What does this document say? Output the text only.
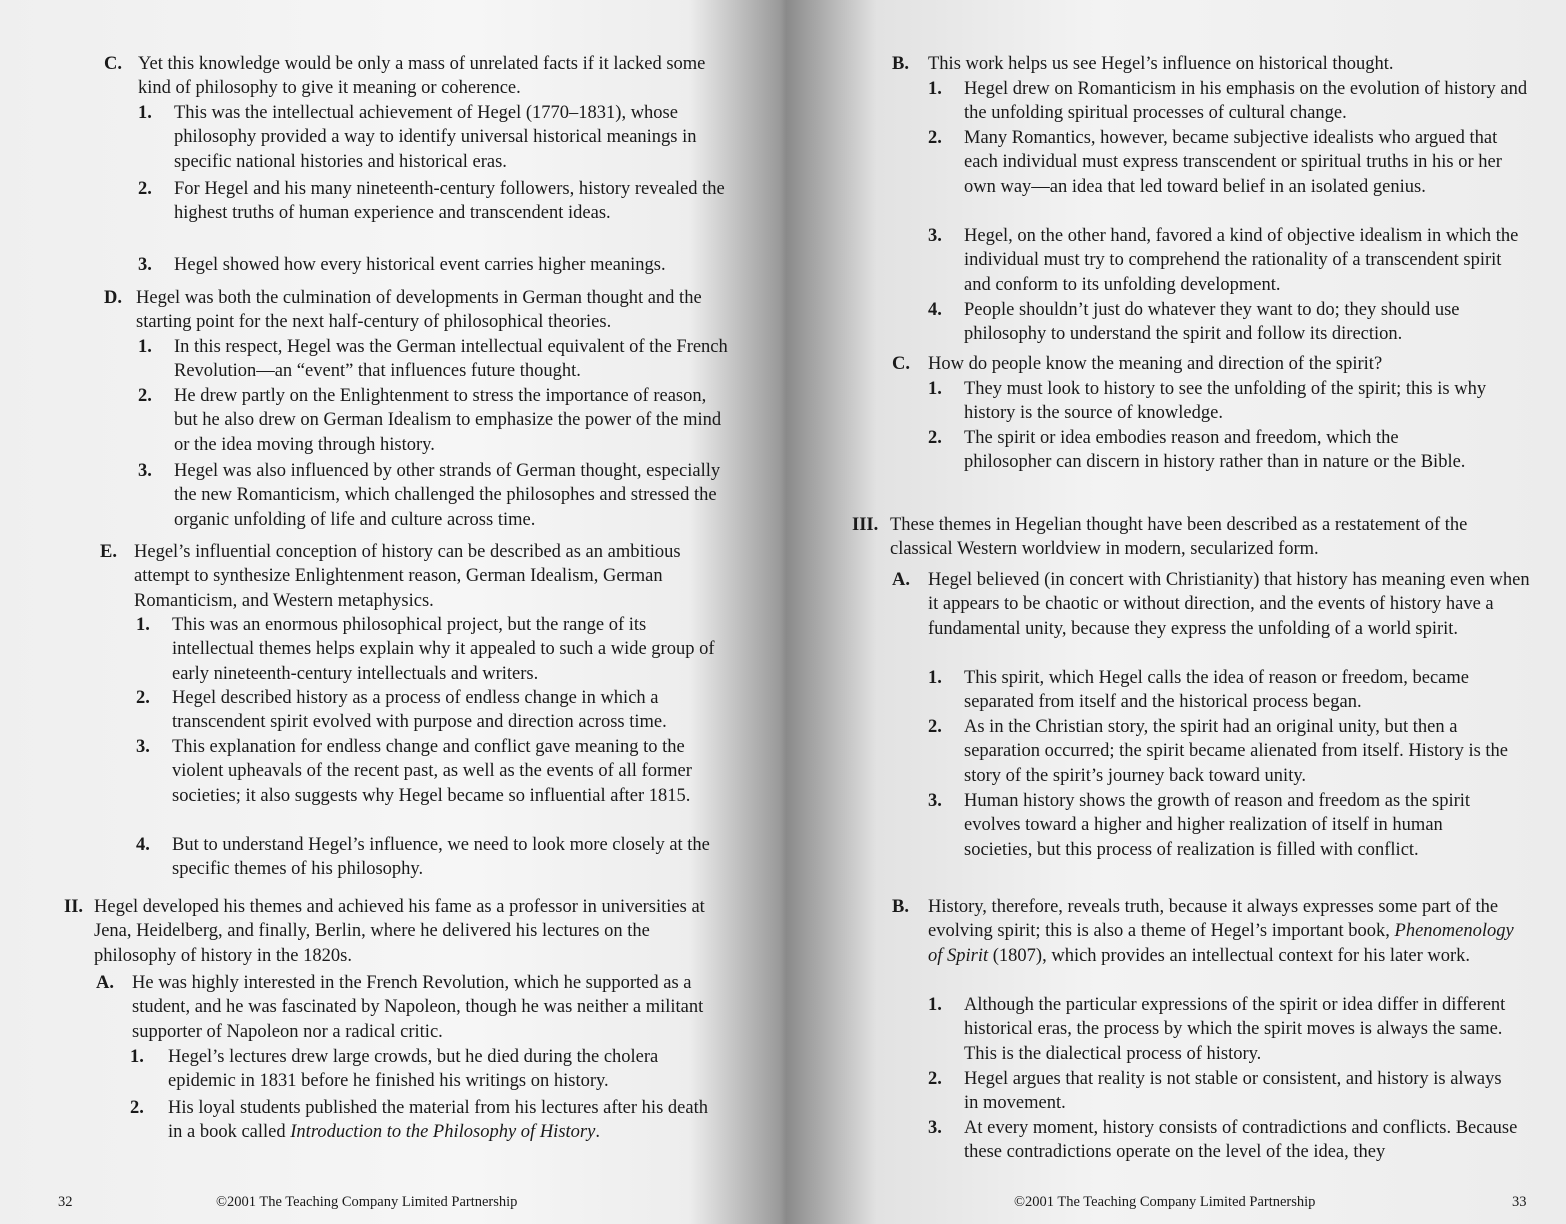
C. Yet this knowledge would be only a mass of unrelated facts if it lacked some kind of philosophy to give it meaning or coherence.
1.	This was the intellectual achievement of Hegel (1770–1831), whose philosophy provided a way to identify universal historical meanings in specific national histories and historical eras.
2.	For Hegel and his many nineteenth-century followers, history revealed the highest truths of human experience and transcendent ideas.
3.	Hegel showed how every historical event carries higher meanings.
D. Hegel was both the culmination of developments in German thought and the starting point for the next half-century of philosophical theories.
1.	In this respect, Hegel was the German intellectual equivalent of the French Revolution—an “event” that influences future thought.
2.	He drew partly on the Enlightenment to stress the importance of reason, but he also drew on German Idealism to emphasize the power of the mind or the idea moving through history.
3.	Hegel was also influenced by other strands of German thought, especially the new Romanticism, which challenged the philosophes and stressed the organic unfolding of life and culture across time.
E. Hegel’s influential conception of history can be described as an ambitious attempt to synthesize Enlightenment reason, German Idealism, German Romanticism, and Western metaphysics.
1.	This was an enormous philosophical project, but the range of its intellectual themes helps explain why it appealed to such a wide group of early nineteenth-century intellectuals and writers.
2.	Hegel described history as a process of endless change in which a transcendent spirit evolved with purpose and direction across time.
3.	This explanation for endless change and conflict gave meaning to the violent upheavals of the recent past, as well as the events of all former societies; it also suggests why Hegel became so influential after 1815.
4.	But to understand Hegel’s influence, we need to look more closely at the specific themes of his philosophy.
II. Hegel developed his themes and achieved his fame as a professor in universities at Jena, Heidelberg, and finally, Berlin, where he delivered his lectures on the philosophy of history in the 1820s.
A. He was highly interested in the French Revolution, which he supported as a student, and he was fascinated by Napoleon, though he was neither a militant supporter of Napoleon nor a radical critic.
1.	Hegel’s lectures drew large crowds, but he died during the cholera epidemic in 1831 before he finished his writings on history.
2.	His loyal students published the material from his lectures after his death in a book called Introduction to the Philosophy of History.
32	©2001 The Teaching Company Limited Partnership
B.	This work helps us see Hegel’s influence on historical thought.
1.	Hegel drew on Romanticism in his emphasis on the evolution of history and the unfolding spiritual processes of cultural change.
2.	Many Romantics, however, became subjective idealists who argued that each individual must express transcendent or spiritual truths in his or her own way—an idea that led toward belief in an isolated genius.
3.	Hegel, on the other hand, favored a kind of objective idealism in which the individual must try to comprehend the rationality of a transcendent spirit and conform to its unfolding development.
4.	People shouldn’t just do whatever they want to do; they should use philosophy to understand the spirit and follow its direction.
C. How do people know the meaning and direction of the spirit?
1.	They must look to history to see the unfolding of the spirit; this is why history is the source of knowledge.
2.	The spirit or idea embodies reason and freedom, which the philosopher can discern in history rather than in nature or the Bible.
III. These themes in Hegelian thought have been described as a restatement of the classical Western worldview in modern, secularized form.
A. Hegel believed (in concert with Christianity) that history has meaning even when it appears to be chaotic or without direction, and the events of history have a fundamental unity, because they express the unfolding of a world spirit.
1.	This spirit, which Hegel calls the idea of reason or freedom, became separated from itself and the historical process began.
2.	As in the Christian story, the spirit had an original unity, but then a separation occurred; the spirit became alienated from itself. History is the story of the spirit’s journey back toward unity.
3.	Human history shows the growth of reason and freedom as the spirit evolves toward a higher and higher realization of itself in human societies, but this process of realization is filled with conflict.
B.	History, therefore, reveals truth, because it always expresses some part of the evolving spirit; this is also a theme of Hegel’s important book, Phenomenology of Spirit (1807), which provides an intellectual context for his later work.
1.	Although the particular expressions of the spirit or idea differ in different historical eras, the process by which the spirit moves is always the same. This is the dialectical process of history.
2.	Hegel argues that reality is not stable or consistent, and history is always in movement.
3.	At every moment, history consists of contradictions and conflicts. Because these contradictions operate on the level of the idea, they
©2001 The Teaching Company Limited Partnership	33
